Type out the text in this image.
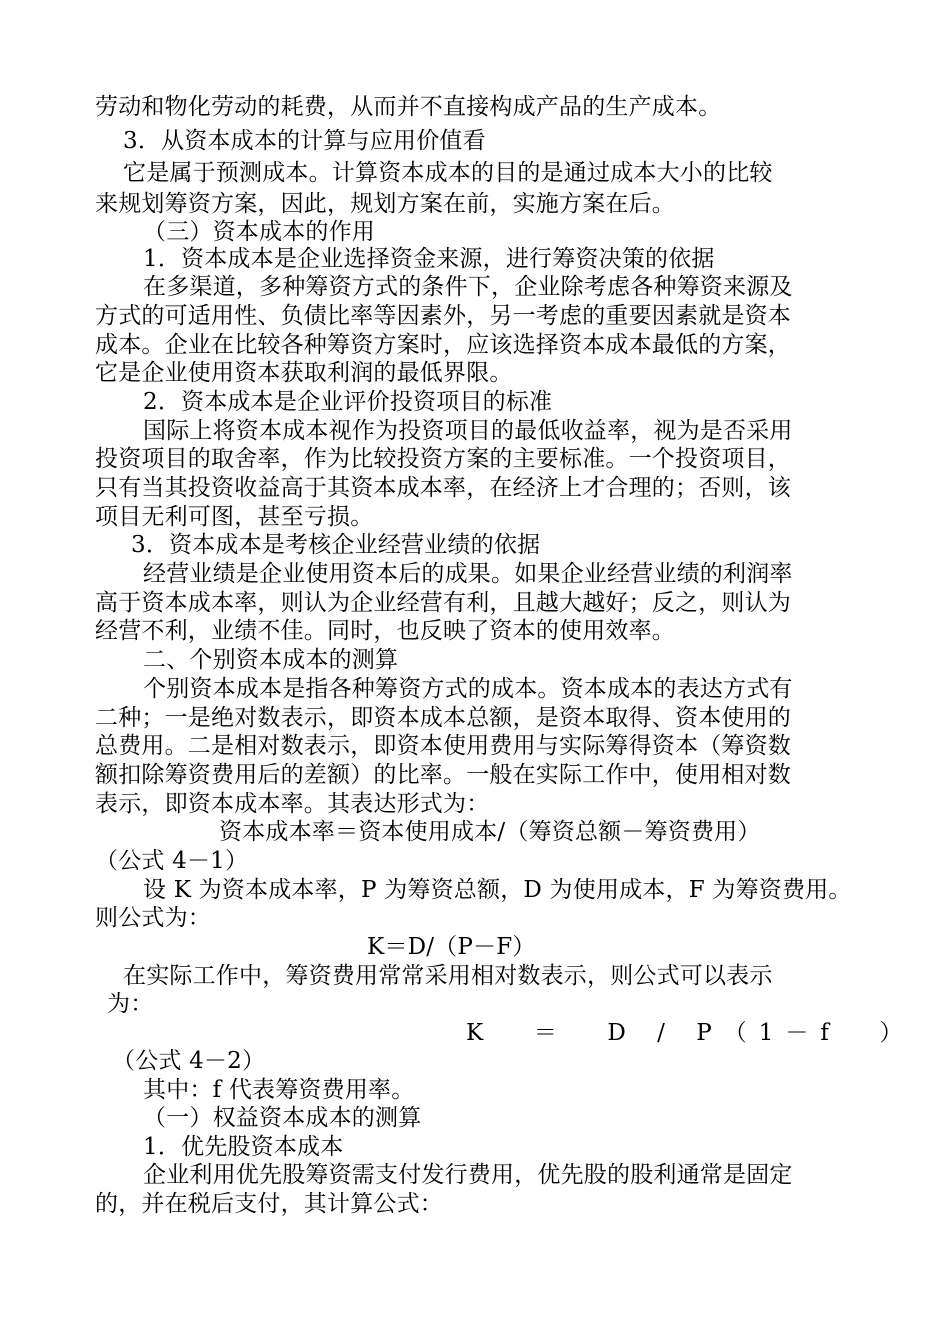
劳动和物化劳动的耗费，从而并不直接构成产品的生产成本。
3．从资本成本的计算与应用价值看
它是属于预测成本。计算资本成本的目的是通过成本大小的比较
来规划筹资方案，因此，规划方案在前，实施方案在后。
（三）资本成本的作用
1．资本成本是企业选择资金来源，进行筹资决策的依据
在多渠道，多种筹资方式的条件下，企业除考虑各种筹资来源及
方式的可适用性、负债比率等因素外，另一考虑的重要因素就是资本
成本。企业在比较各种筹资方案时，应该选择资本成本最低的方案，
它是企业使用资本获取利润的最低界限。
2．资本成本是企业评价投资项目的标准
国际上将资本成本视作为投资项目的最低收益率，视为是否采用
投资项目的取舍率，作为比较投资方案的主要标准。一个投资项目，
只有当其投资收益高于其资本成本率，在经济上才合理的；否则，该
项目无利可图，甚至亏损。
3．资本成本是考核企业经营业绩的依据
经营业绩是企业使用资本后的成果。如果企业经营业绩的利润率
高于资本成本率，则认为企业经营有利，且越大越好；反之，则认为
经营不利，业绩不佳。同时，也反映了资本的使用效率。
二、个别资本成本的测算
个别资本成本是指各种筹资方式的成本。资本成本的表达方式有
二种；一是绝对数表示，即资本成本总额，是资本取得、资本使用的
总费用。二是相对数表示，即资本使用费用与实际筹得资本（筹资数
额扣除筹资费用后的差额）的比率。一般在实际工作中，使用相对数
表示，即资本成本率。其表达形式为：
资本成本率＝资本使用成本/（筹资总额－筹资费用）
（公式 4－1）
设 K 为资本成本率，P 为筹资总额，D 为使用成本，F 为筹资费用。
则公式为：
K＝D/（P－F）
在实际工作中，筹资费用常常采用相对数表示，则公式可以表示
为：
K  ＝  D / P（1－f  ）
（公式 4－2）
其中：f 代表筹资费用率。
（一）权益资本成本的测算
1．优先股资本成本
企业利用优先股筹资需支付发行费用，优先股的股利通常是固定
的，并在税后支付，其计算公式：
